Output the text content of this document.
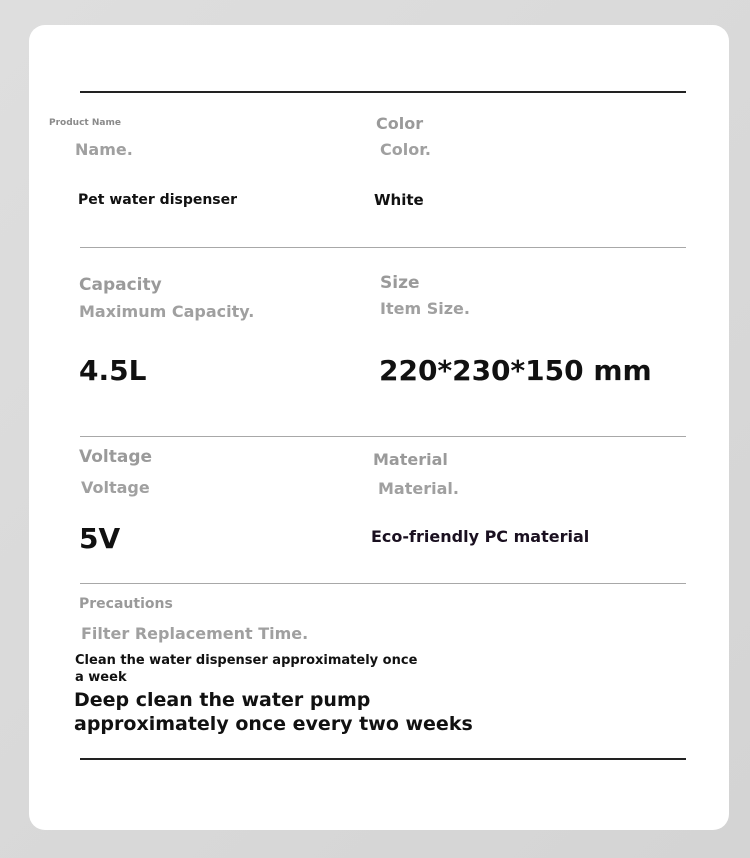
Product Name
Name.
Pet water dispenser
Color
Color.
White
Capacity
Maximum Capacity.
4.5L
Size
Item Size.
220*230*150 mm
Voltage
Voltage
5V
Material
Material.
Eco-friendly PC material
Precautions
Filter Replacement Time.
Clean the water dispenser approximately once a week
Deep clean the water pump
approximately once every two weeks
